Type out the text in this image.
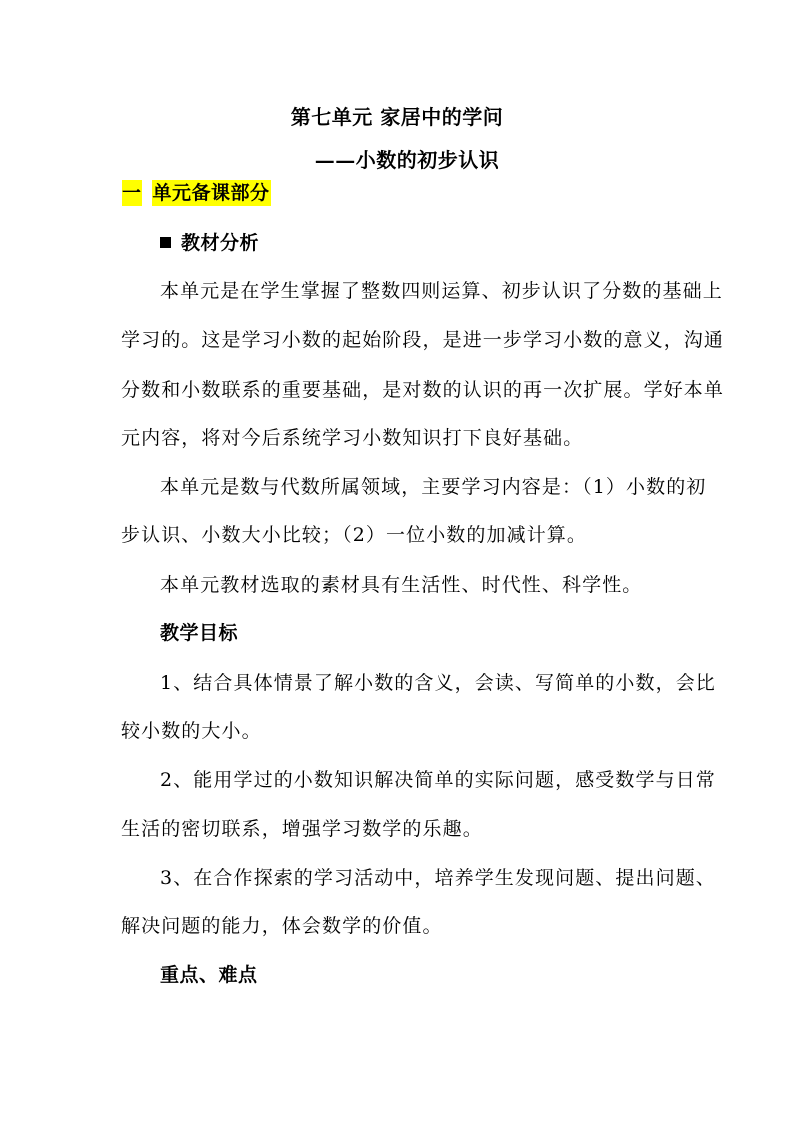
第七单元 家居中的学问
——小数的初步认识
一 单元备课部分
教材分析
本单元是在学生掌握了整数四则运算、初步认识了分数的基础上
学习的。这是学习小数的起始阶段，是进一步学习小数的意义，沟通
分数和小数联系的重要基础，是对数的认识的再一次扩展。学好本单
元内容，将对今后系统学习小数知识打下良好基础。
本单元是数与代数所属领域，主要学习内容是：（1）小数的初
步认识、小数大小比较；（2）一位小数的加减计算。
本单元教材选取的素材具有生活性、时代性、科学性。
教学目标
1、结合具体情景了解小数的含义，会读、写简单的小数，会比
较小数的大小。
2、能用学过的小数知识解决简单的实际问题，感受数学与日常
生活的密切联系，增强学习数学的乐趣。
3、在合作探索的学习活动中，培养学生发现问题、提出问题、
解决问题的能力，体会数学的价值。
重点、难点
